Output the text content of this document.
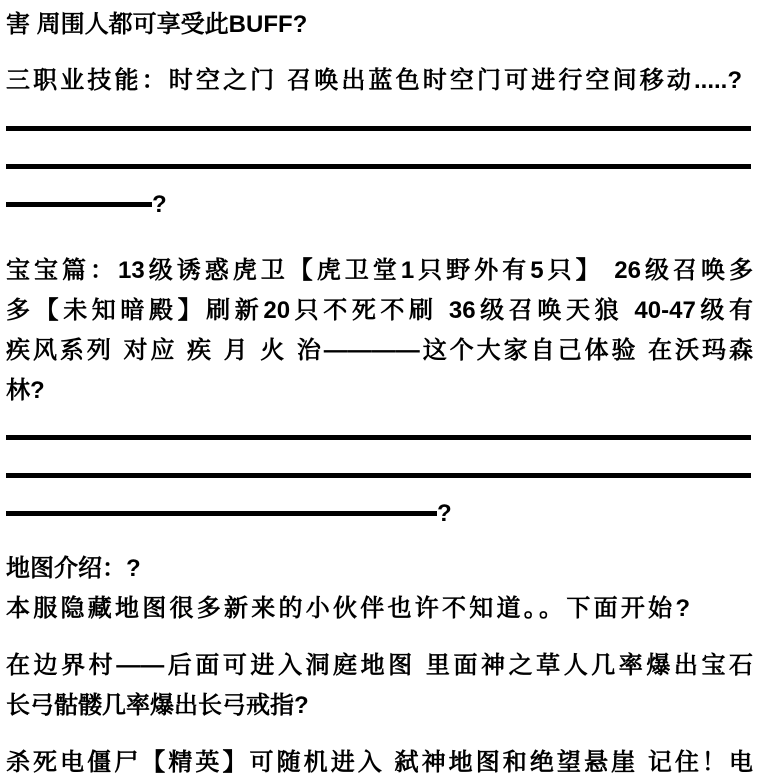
害 周围人都可享受此BUFF?
三职业技能：时空之门 召唤出蓝色时空门可进行空间移动.....?
?
宝宝篇：13级诱惑虎卫【虎卫堂1只野外有5只】 26级召唤多
多【未知暗殿】刷新20只不死不刷 36级召唤天狼 40-47级有
疾风系列 对应 疾 月 火 治————这个大家自己体验 在沃玛森
林?
?
地图介绍：?
本服隐藏地图很多新来的小伙伴也许不知道。。下面开始?
在边界村——后面可进入洞庭地图 里面神之草人几率爆出宝石
长弓骷髅几率爆出长弓戒指?
杀死电僵尸【精英】可随机进入 弑神地图和绝望悬崖 记住！电
